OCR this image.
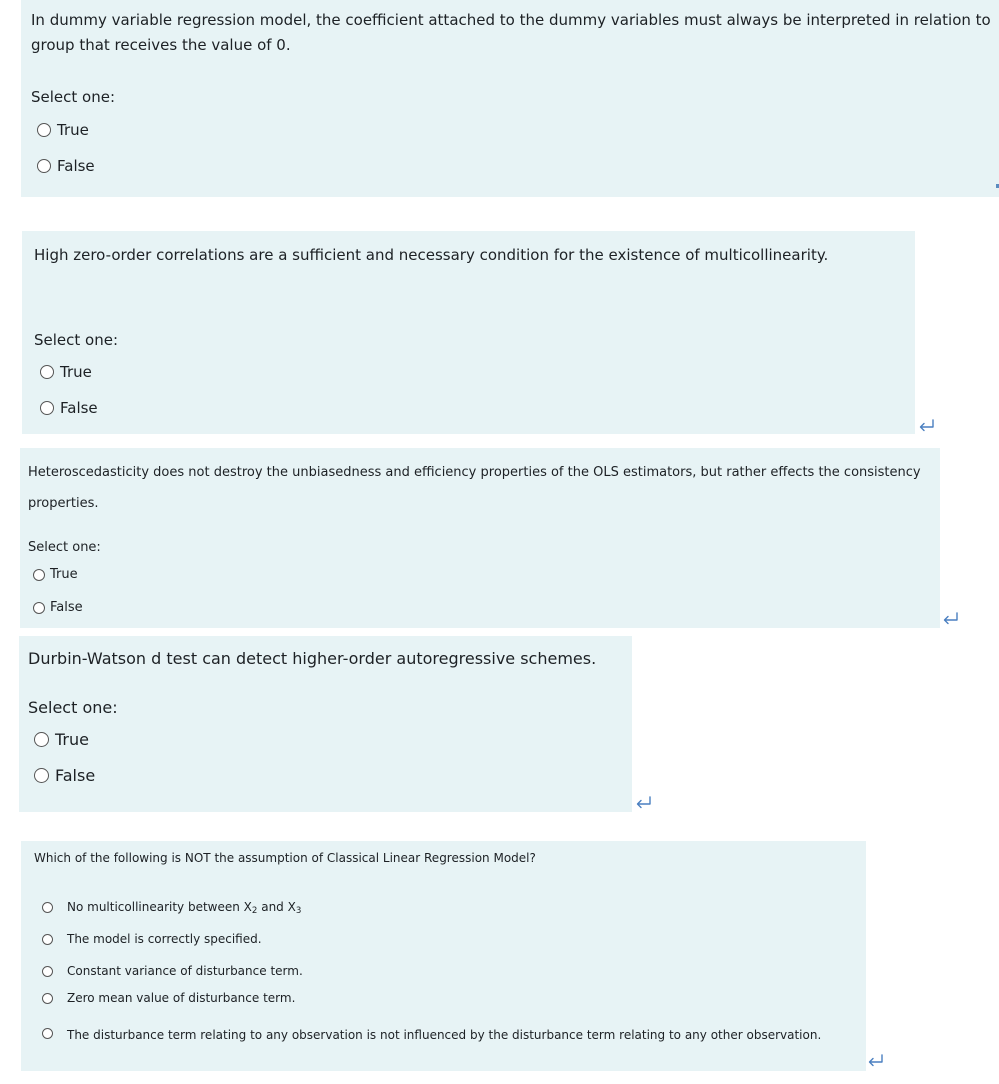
In dummy variable regression model, the coefficient attached to the dummy variables must always be interpreted in relation to group that receives the value of 0.
Select one:
True
False
High zero-order correlations are a sufficient and necessary condition for the existence of multicollinearity.
Select one:
True
False
Heteroscedasticity does not destroy the unbiasedness and efficiency properties of the OLS estimators, but rather effects the consistency properties.
Select one:
True
False
Durbin-Watson d test can detect higher-order autoregressive schemes.
Select one:
True
False
Which of the following is NOT the assumption of Classical Linear Regression Model?
No multicollinearity between $X_2$ and $X_3$
The model is correctly specified.
Constant variance of disturbance term.
Zero mean value of disturbance term.
The disturbance term relating to any observation is not influenced by the disturbance term relating to any other observation.
